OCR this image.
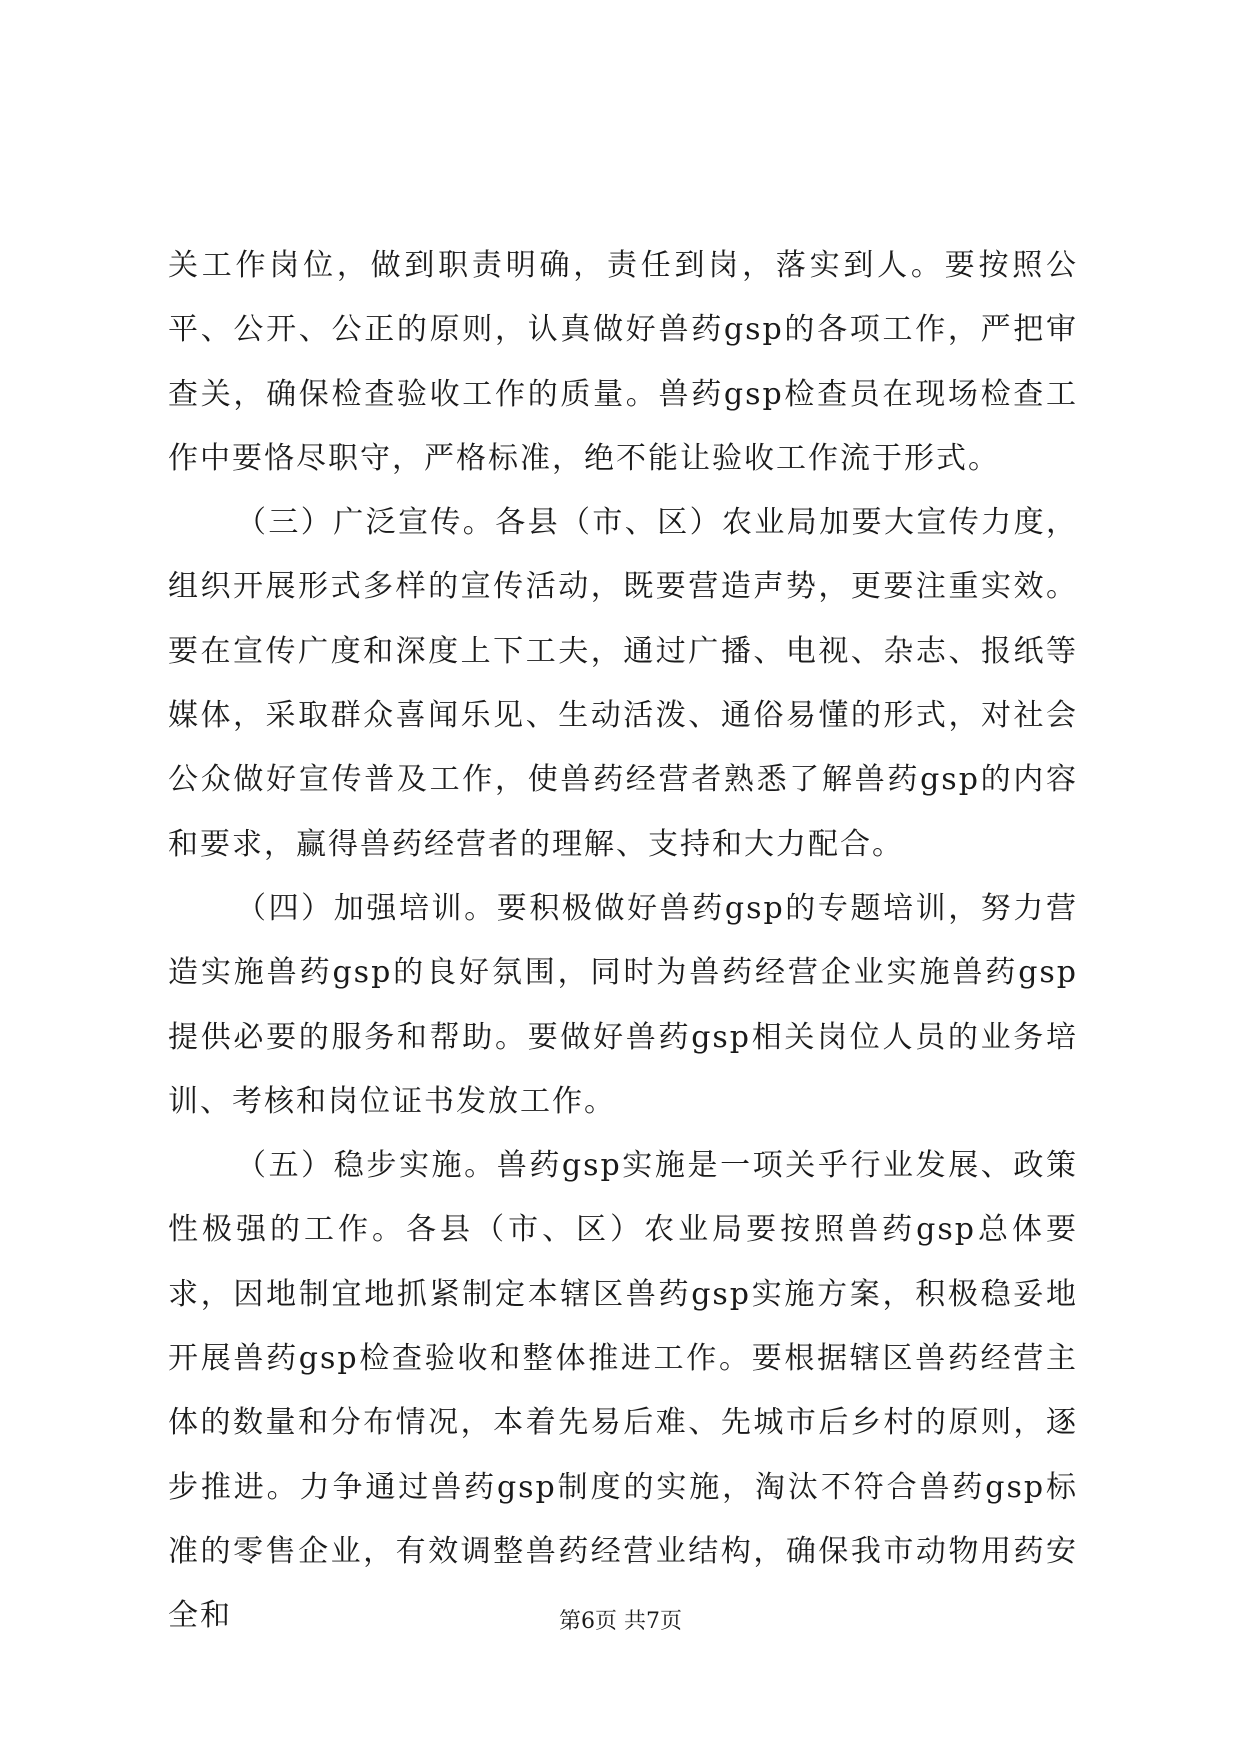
关工作岗位，做到职责明确，责任到岗，落实到人。要按照公平、公开、公正的原则，认真做好兽药gsp的各项工作，严把审查关，确保检查验收工作的质量。兽药gsp检查员在现场检查工作中要恪尽职守，严格标准，绝不能让验收工作流于形式。

（三）广泛宣传。各县（市、区）农业局加要大宣传力度，组织开展形式多样的宣传活动，既要营造声势，更要注重实效。要在宣传广度和深度上下工夫，通过广播、电视、杂志、报纸等媒体，采取群众喜闻乐见、生动活泼、通俗易懂的形式，对社会公众做好宣传普及工作，使兽药经营者熟悉了解兽药gsp的内容和要求，赢得兽药经营者的理解、支持和大力配合。

（四）加强培训。要积极做好兽药gsp的专题培训，努力营造实施兽药gsp的良好氛围，同时为兽药经营企业实施兽药gsp提供必要的服务和帮助。要做好兽药gsp相关岗位人员的业务培训、考核和岗位证书发放工作。

（五）稳步实施。兽药gsp实施是一项关乎行业发展、政策性极强的工作。各县（市、区）农业局要按照兽药gsp总体要求，因地制宜地抓紧制定本辖区兽药gsp实施方案，积极稳妥地开展兽药gsp检查验收和整体推进工作。要根据辖区兽药经营主体的数量和分布情况，本着先易后难、先城市后乡村的原则，逐步推进。力争通过兽药gsp制度的实施，淘汰不符合兽药gsp标准的零售企业，有效调整兽药经营业结构，确保我市动物用药安全和	第6页 共7页
